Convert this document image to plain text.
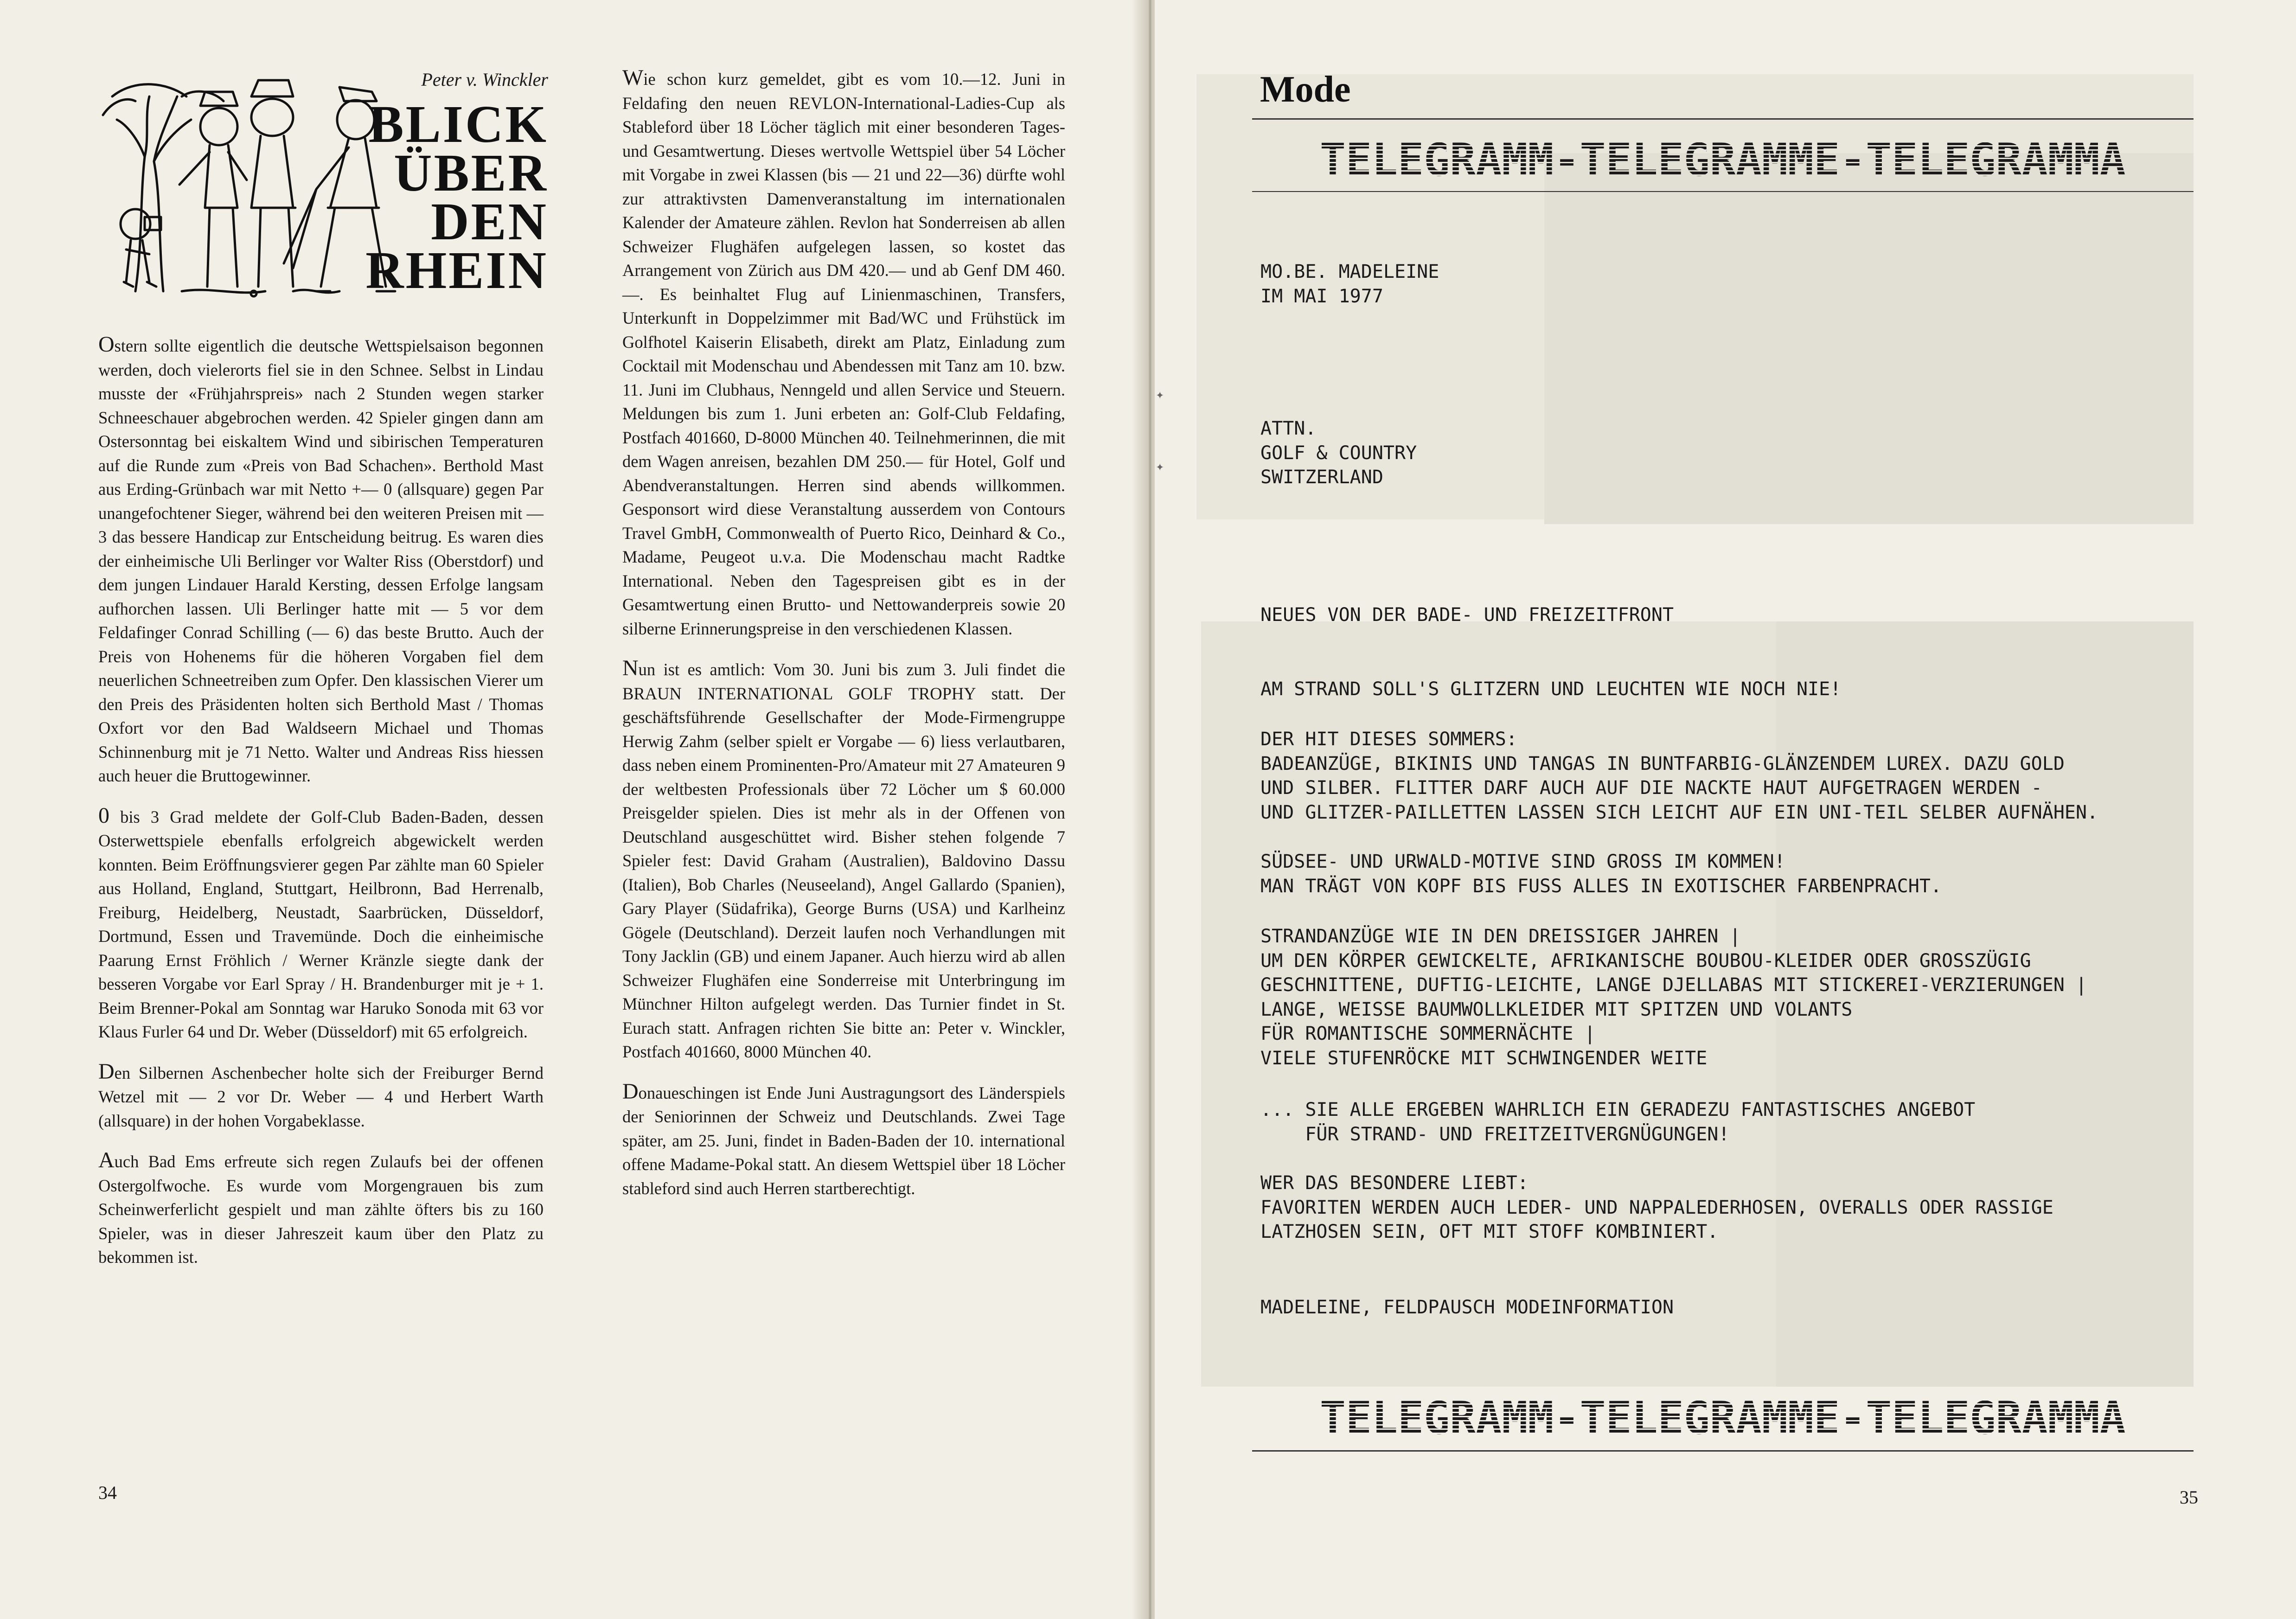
Peter v. Winckler
BLICK
ÜBER
DEN
RHEIN

Ostern sollte eigentlich die deutsche Wettspielsaison begonnen werden, doch vielerorts fiel sie in den Schnee. Selbst in Lindau musste der «Frühjahrspreis» nach 2 Stunden wegen starker Schneeschauer abgebrochen werden. 42 Spieler gingen dann am Ostersonntag bei eiskaltem Wind und sibirischen Temperaturen auf die Runde zum «Preis von Bad Schachen». Berthold Mast aus Erding-Grünbach war mit Netto +— 0 (allsquare) gegen Par unangefochtener Sieger, während bei den weiteren Preisen mit — 3 das bessere Handicap zur Entscheidung beitrug. Es waren dies der einheimische Uli Berlinger vor Walter Riss (Oberstdorf) und dem jungen Lindauer Harald Kersting, dessen Erfolge langsam aufhorchen lassen. Uli Berlinger hatte mit — 5 vor dem Feldafinger Conrad Schilling (— 6) das beste Brutto. Auch der Preis von Hohenems für die höheren Vorgaben fiel dem neuerlichen Schneetreiben zum Opfer. Den klassischen Vierer um den Preis des Präsidenten holten sich Berthold Mast / Thomas Oxfort vor den Bad Waldseern Michael und Thomas Schinnenburg mit je 71 Netto. Walter und Andreas Riss hiessen auch heuer die Bruttogewinner.

0 bis 3 Grad meldete der Golf-Club Baden-Baden, dessen Osterwettspiele ebenfalls erfolgreich abgewickelt werden konnten. Beim Eröffnungsvierer gegen Par zählte man 60 Spieler aus Holland, England, Stuttgart, Heilbronn, Bad Herrenalb, Freiburg, Heidelberg, Neustadt, Saarbrücken, Düsseldorf, Dortmund, Essen und Travemünde. Doch die einheimische Paarung Ernst Fröhlich / Werner Kränzle siegte dank der besseren Vorgabe vor Earl Spray / H. Brandenburger mit je + 1. Beim Brenner-Pokal am Sonntag war Haruko Sonoda mit 63 vor Klaus Furler 64 und Dr. Weber (Düsseldorf) mit 65 erfolgreich.

Den Silbernen Aschenbecher holte sich der Freiburger Bernd Wetzel mit — 2 vor Dr. Weber — 4 und Herbert Warth (allsquare) in der hohen Vorgabeklasse.

Auch Bad Ems erfreute sich regen Zulaufs bei der offenen Ostergolfwoche. Es wurde vom Morgengrauen bis zum Scheinwerferlicht gespielt und man zählte öfters bis zu 160 Spieler, was in dieser Jahreszeit kaum über den Platz zu bekommen ist.

Wie schon kurz gemeldet, gibt es vom 10.—12. Juni in Feldafing den neuen REVLON-International-Ladies-Cup als Stableford über 18 Löcher täglich mit einer besonderen Tages- und Gesamtwertung. Dieses wertvolle Wettspiel über 54 Löcher mit Vorgabe in zwei Klassen (bis — 21 und 22—36) dürfte wohl zur attraktivsten Damenveranstaltung im internationalen Kalender der Amateure zählen. Revlon hat Sonderreisen ab allen Schweizer Flughäfen aufgelegen lassen, so kostet das Arrangement von Zürich aus DM 420.— und ab Genf DM 460.—. Es beinhaltet Flug auf Linienmaschinen, Transfers, Unterkunft in Doppelzimmer mit Bad/WC und Frühstück im Golfhotel Kaiserin Elisabeth, direkt am Platz, Einladung zum Cocktail mit Modenschau und Abendessen mit Tanz am 10. bzw. 11. Juni im Clubhaus, Nenngeld und allen Service und Steuern. Meldungen bis zum 1. Juni erbeten an: Golf-Club Feldafing, Postfach 401660, D-8000 München 40. Teilnehmerinnen, die mit dem Wagen anreisen, bezahlen DM 250.— für Hotel, Golf und Abendveranstaltungen. Herren sind abends willkommen. Gesponsort wird diese Veranstaltung ausserdem von Contours Travel GmbH, Commonwealth of Puerto Rico, Deinhard & Co., Madame, Peugeot u.v.a. Die Modenschau macht Radtke International. Neben den Tagespreisen gibt es in der Gesamtwertung einen Brutto- und Nettowanderpreis sowie 20 silberne Erinnerungspreise in den verschiedenen Klassen.

Nun ist es amtlich: Vom 30. Juni bis zum 3. Juli findet die BRAUN INTERNATIONAL GOLF TROPHY statt. Der geschäftsführende Gesellschafter der Mode-Firmengruppe Herwig Zahm (selber spielt er Vorgabe — 6) liess verlautbaren, dass neben einem Prominenten-Pro/Amateur mit 27 Amateuren 9 der weltbesten Professionals über 72 Löcher um $ 60.000 Preisgelder spielen. Dies ist mehr als in der Offenen von Deutschland ausgeschüttet wird. Bisher stehen folgende 7 Spieler fest: David Graham (Australien), Baldovino Dassu (Italien), Bob Charles (Neuseeland), Angel Gallardo (Spanien), Gary Player (Südafrika), George Burns (USA) und Karlheinz Gögele (Deutschland). Derzeit laufen noch Verhandlungen mit Tony Jacklin (GB) und einem Japaner. Auch hierzu wird ab allen Schweizer Flughäfen eine Sonderreise mit Unterbringung im Münchner Hilton aufgelegt werden. Das Turnier findet in St. Eurach statt. Anfragen richten Sie bitte an: Peter v. Winckler, Postfach 401660, 8000 München 40.

Donaueschingen ist Ende Juni Austragungsort des Länderspiels der Seniorinnen der Schweiz und Deutschlands. Zwei Tage später, am 25. Juni, findet in Baden-Baden der 10. international offene Madame-Pokal statt. An diesem Wettspiel über 18 Löcher stableford sind auch Herren startberechtigt.

34
Mode
TELEGRAMM-TELEGRAMME-TELEGRAMMA
MO.BE. MADELEINE
IM MAI 1977
ATTN.
GOLF & COUNTRY
SWITZERLAND
NEUES VON DER BADE- UND FREIZEITFRONT
AM STRAND SOLL'S GLITZERN UND LEUCHTEN WIE NOCH NIE!
DER HIT DIESES SOMMERS:
BADEANZÜGE, BIKINIS UND TANGAS IN BUNTFARBIG-GLÄNZENDEM LUREX. DAZU GOLD
UND SILBER. FLITTER DARF AUCH AUF DIE NACKTE HAUT AUFGETRAGEN WERDEN -
UND GLITZER-PAILLETTEN LASSEN SICH LEICHT AUF EIN UNI-TEIL SELBER AUFNÄHEN.
SÜDSEE- UND URWALD-MOTIVE SIND GROSS IM KOMMEN!
MAN TRÄGT VON KOPF BIS FUSS ALLES IN EXOTISCHER FARBENPRACHT.
STRANDANZÜGE WIE IN DEN DREISSIGER JAHREN |
UM DEN KÖRPER GEWICKELTE, AFRIKANISCHE BOUBOU-KLEIDER ODER GROSSZÜGIG
GESCHNITTENE, DUFTIG-LEICHTE, LANGE DJELLABAS MIT STICKEREI-VERZIERUNGEN |
LANGE, WEISSE BAUMWOLLKLEIDER MIT SPITZEN UND VOLANTS
FÜR ROMANTISCHE SOMMERNÄCHTE |
VIELE STUFENRÖCKE MIT SCHWINGENDER WEITE
... SIE ALLE ERGEBEN WAHRLICH EIN GERADEZU FANTASTISCHES ANGEBOT
FÜR STRAND- UND FREITZEITVERGNÜGUNGEN!
WER DAS BESONDERE LIEBT:
FAVORITEN WERDEN AUCH LEDER- UND NAPPALEDERHOSEN, OVERALLS ODER RASSIGE
LATZHOSEN SEIN, OFT MIT STOFF KOMBINIERT.
MADELEINE, FELDPAUSCH MODEINFORMATION
TELEGRAMM-TELEGRAMME-TELEGRAMMA
35
✦
✦
